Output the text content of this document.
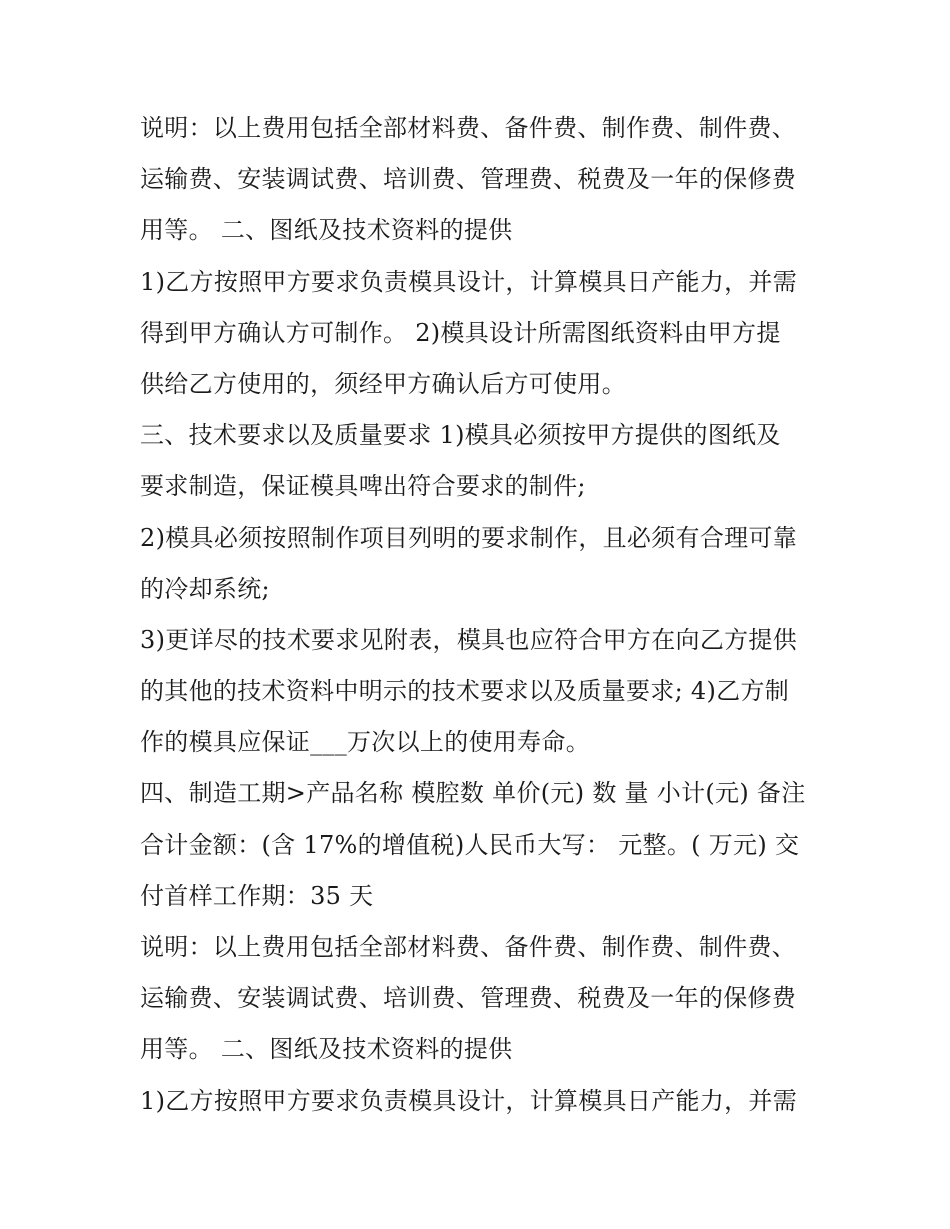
说明：以上费用包括全部材料费、备件费、制作费、制件费、
运输费、安装调试费、培训费、管理费、税费及一年的保修费
用等。 二、图纸及技术资料的提供
1)乙方按照甲方要求负责模具设计，计算模具日产能力，并需
得到甲方确认方可制作。 2)模具设计所需图纸资料由甲方提
供给乙方使用的，须经甲方确认后方可使用。
三、技术要求以及质量要求 1)模具必须按甲方提供的图纸及
要求制造，保证模具啤出符合要求的制件;
2)模具必须按照制作项目列明的要求制作，且必须有合理可靠
的冷却系统;
3)更详尽的技术要求见附表，模具也应符合甲方在向乙方提供
的其他的技术资料中明示的技术要求以及质量要求; 4)乙方制
作的模具应保证___万次以上的使用寿命。
四、制造工期>产品名称 模腔数 单价(元) 数 量 小计(元) 备注
合计金额：(含 17%的增值税)人民币大写： 元整。( 万元) 交
付首样工作期：35 天
说明：以上费用包括全部材料费、备件费、制作费、制件费、
运输费、安装调试费、培训费、管理费、税费及一年的保修费
用等。 二、图纸及技术资料的提供
1)乙方按照甲方要求负责模具设计，计算模具日产能力，并需
